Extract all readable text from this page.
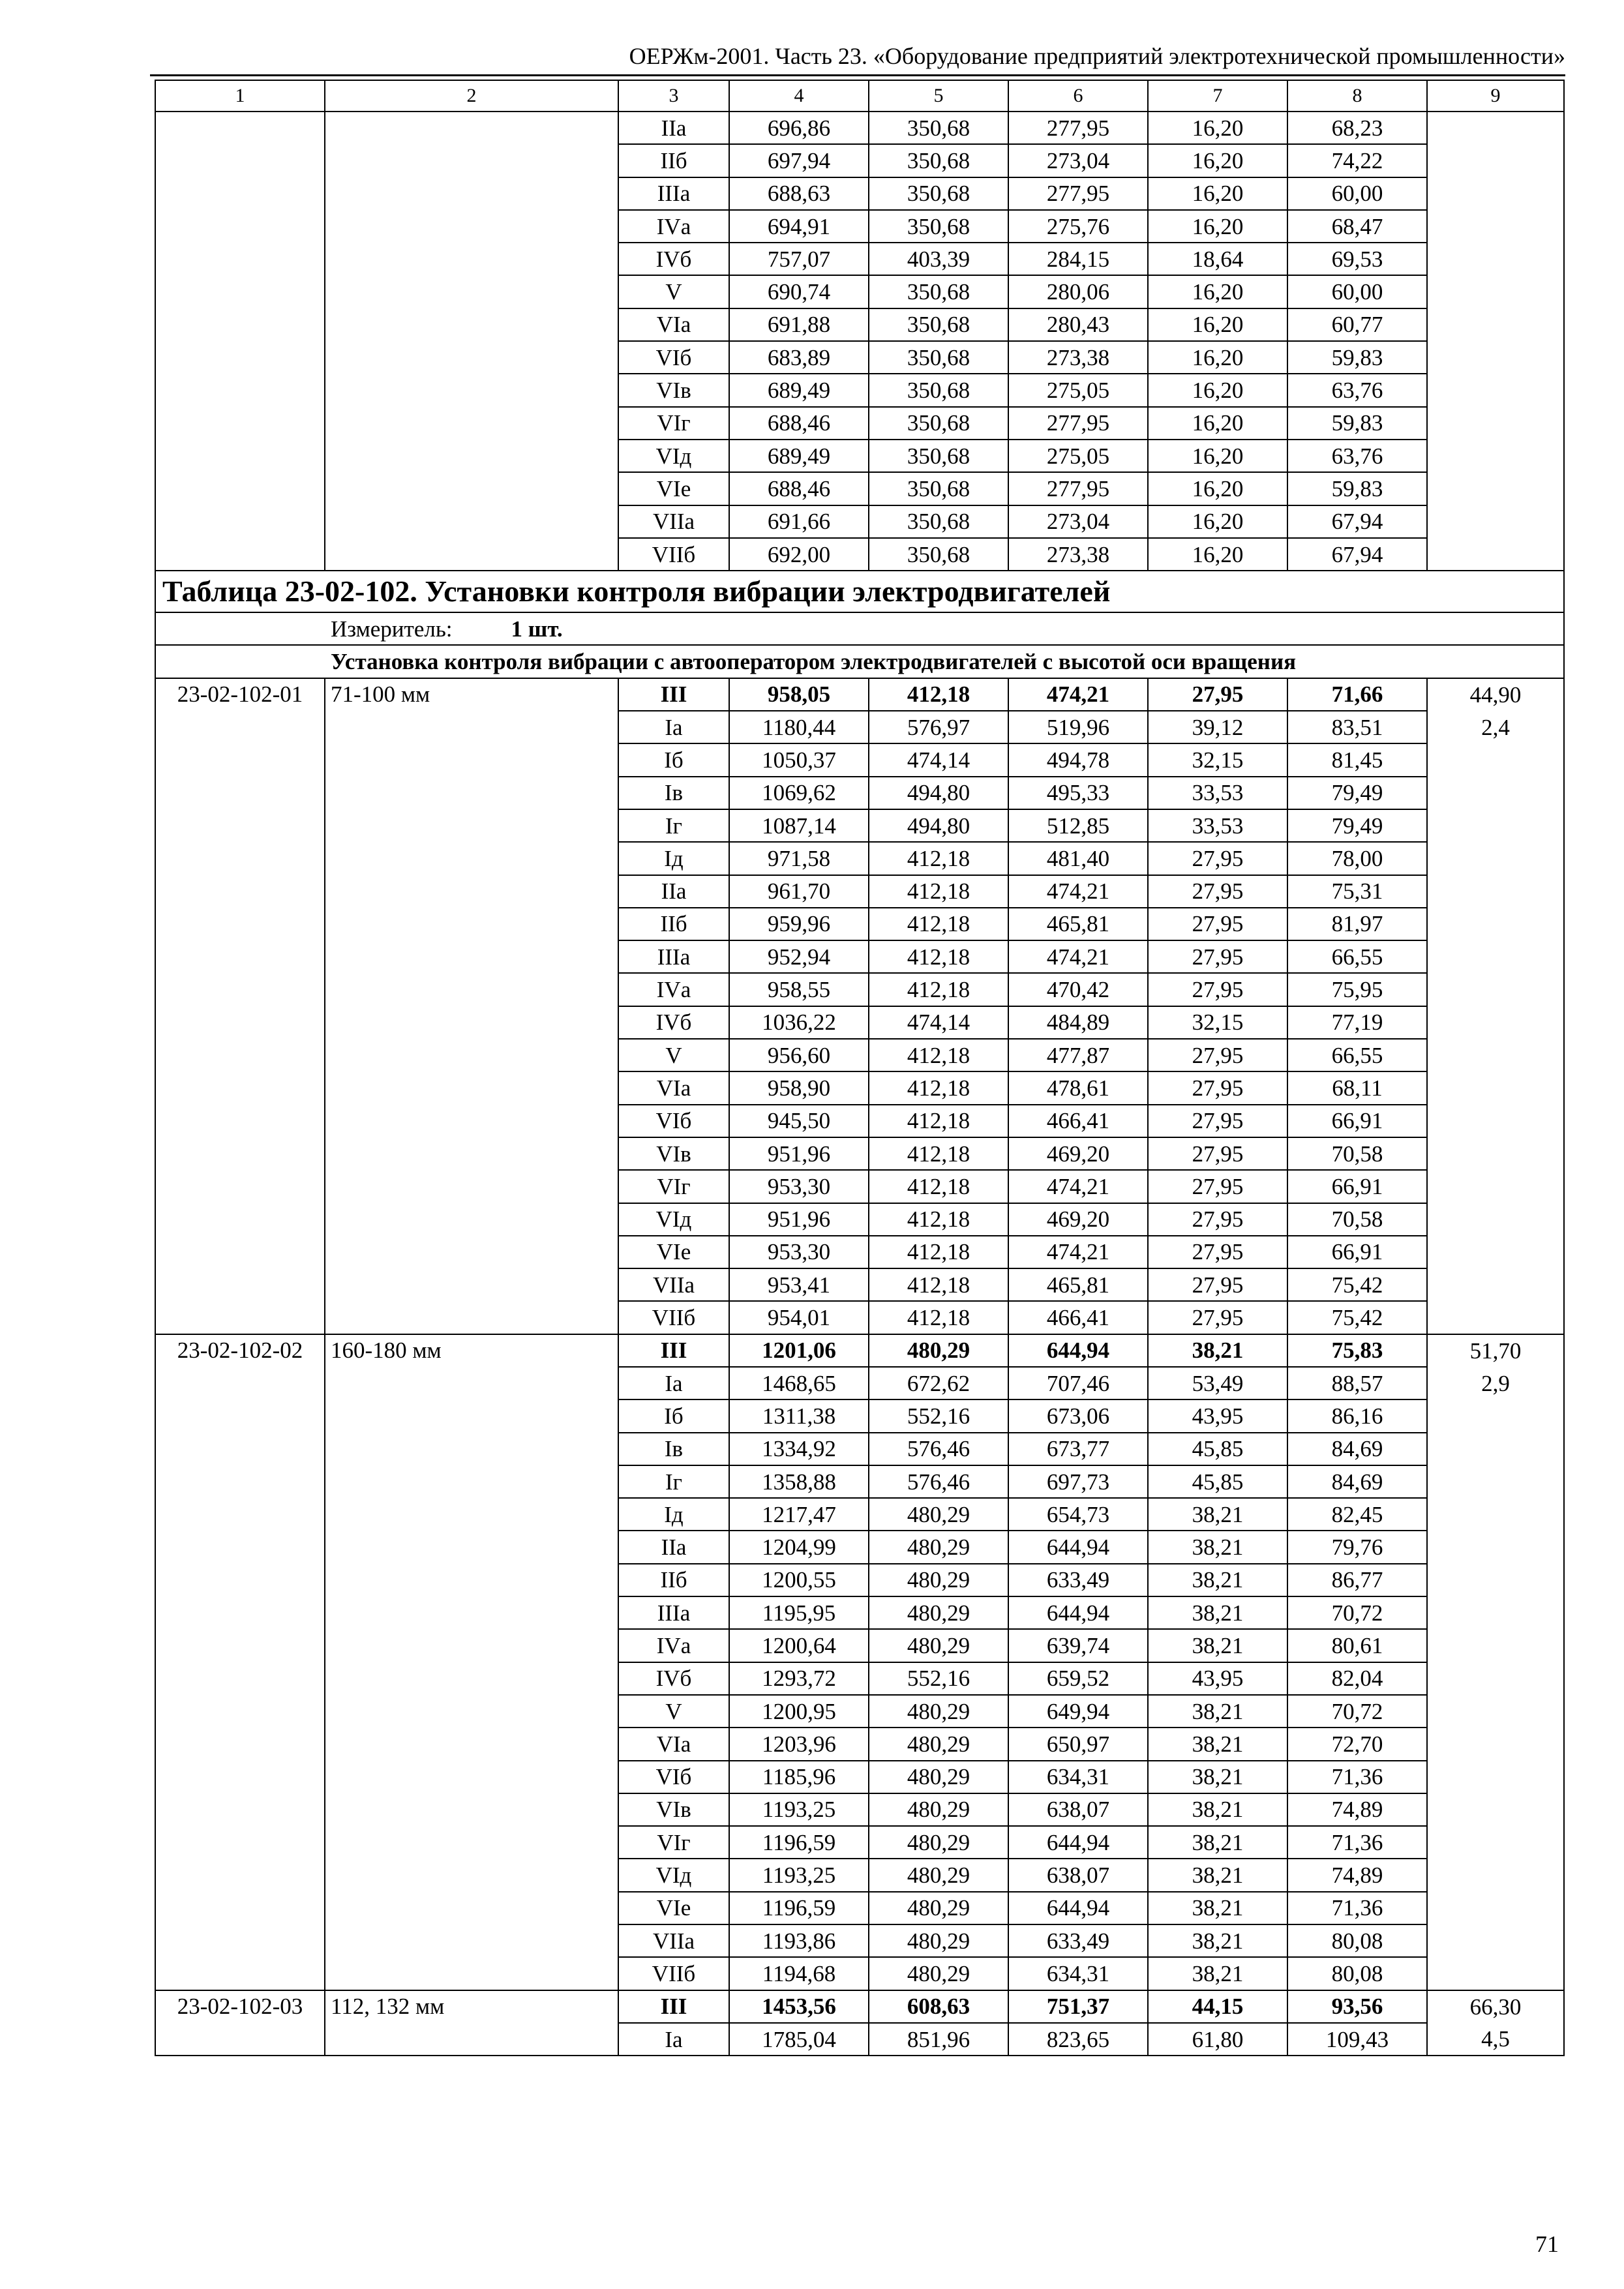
ОЕРЖм-2001. Часть 23. «Оборудование предприятий электротехнической промышленности»
1	2	3	4	5	6	7	8	9
		IIа	696,86	350,68	277,95	16,20	68,23	
		IIб	697,94	350,68	273,04	16,20	74,22	
		IIIа	688,63	350,68	277,95	16,20	60,00	
		IVа	694,91	350,68	275,76	16,20	68,47	
		IVб	757,07	403,39	284,15	18,64	69,53	
		V	690,74	350,68	280,06	16,20	60,00	
		VIа	691,88	350,68	280,43	16,20	60,77	
		VIб	683,89	350,68	273,38	16,20	59,83	
		VIв	689,49	350,68	275,05	16,20	63,76	
		VIг	688,46	350,68	277,95	16,20	59,83	
		VIд	689,49	350,68	275,05	16,20	63,76	
		VIе	688,46	350,68	277,95	16,20	59,83	
		VIIа	691,66	350,68	273,04	16,20	67,94	
		VIIб	692,00	350,68	273,38	16,20	67,94	
Таблица 23-02-102. Установки контроля вибрации электродвигателей								
Измеритель: 1 шт.								
Установка контроля вибрации с автооператором электродвигателей с высотой оси вращения								
23-02-102-01	71-100 мм	III	958,05	412,18	474,21	27,95	71,66	44,90
		Iа	1180,44	576,97	519,96	39,12	83,51	2,4
		Iб	1050,37	474,14	494,78	32,15	81,45	
		Iв	1069,62	494,80	495,33	33,53	79,49	
		Iг	1087,14	494,80	512,85	33,53	79,49	
		Iд	971,58	412,18	481,40	27,95	78,00	
		IIа	961,70	412,18	474,21	27,95	75,31	
		IIб	959,96	412,18	465,81	27,95	81,97	
		IIIа	952,94	412,18	474,21	27,95	66,55	
		IVа	958,55	412,18	470,42	27,95	75,95	
		IVб	1036,22	474,14	484,89	32,15	77,19	
		V	956,60	412,18	477,87	27,95	66,55	
		VIа	958,90	412,18	478,61	27,95	68,11	
		VIб	945,50	412,18	466,41	27,95	66,91	
		VIв	951,96	412,18	469,20	27,95	70,58	
		VIг	953,30	412,18	474,21	27,95	66,91	
		VIд	951,96	412,18	469,20	27,95	70,58	
		VIе	953,30	412,18	474,21	27,95	66,91	
		VIIа	953,41	412,18	465,81	27,95	75,42	
		VIIб	954,01	412,18	466,41	27,95	75,42	
23-02-102-02	160-180 мм	III	1201,06	480,29	644,94	38,21	75,83	51,70
		Iа	1468,65	672,62	707,46	53,49	88,57	2,9
		Iб	1311,38	552,16	673,06	43,95	86,16	
		Iв	1334,92	576,46	673,77	45,85	84,69	
		Iг	1358,88	576,46	697,73	45,85	84,69	
		Iд	1217,47	480,29	654,73	38,21	82,45	
		IIа	1204,99	480,29	644,94	38,21	79,76	
		IIб	1200,55	480,29	633,49	38,21	86,77	
		IIIа	1195,95	480,29	644,94	38,21	70,72	
		IVа	1200,64	480,29	639,74	38,21	80,61	
		IVб	1293,72	552,16	659,52	43,95	82,04	
		V	1200,95	480,29	649,94	38,21	70,72	
		VIа	1203,96	480,29	650,97	38,21	72,70	
		VIб	1185,96	480,29	634,31	38,21	71,36	
		VIв	1193,25	480,29	638,07	38,21	74,89	
		VIг	1196,59	480,29	644,94	38,21	71,36	
		VIд	1193,25	480,29	638,07	38,21	74,89	
		VIе	1196,59	480,29	644,94	38,21	71,36	
		VIIа	1193,86	480,29	633,49	38,21	80,08	
		VIIб	1194,68	480,29	634,31	38,21	80,08	
23-02-102-03	112, 132 мм	III	1453,56	608,63	751,37	44,15	93,56	66,30
		Iа	1785,04	851,96	823,65	61,80	109,43	4,5
71
